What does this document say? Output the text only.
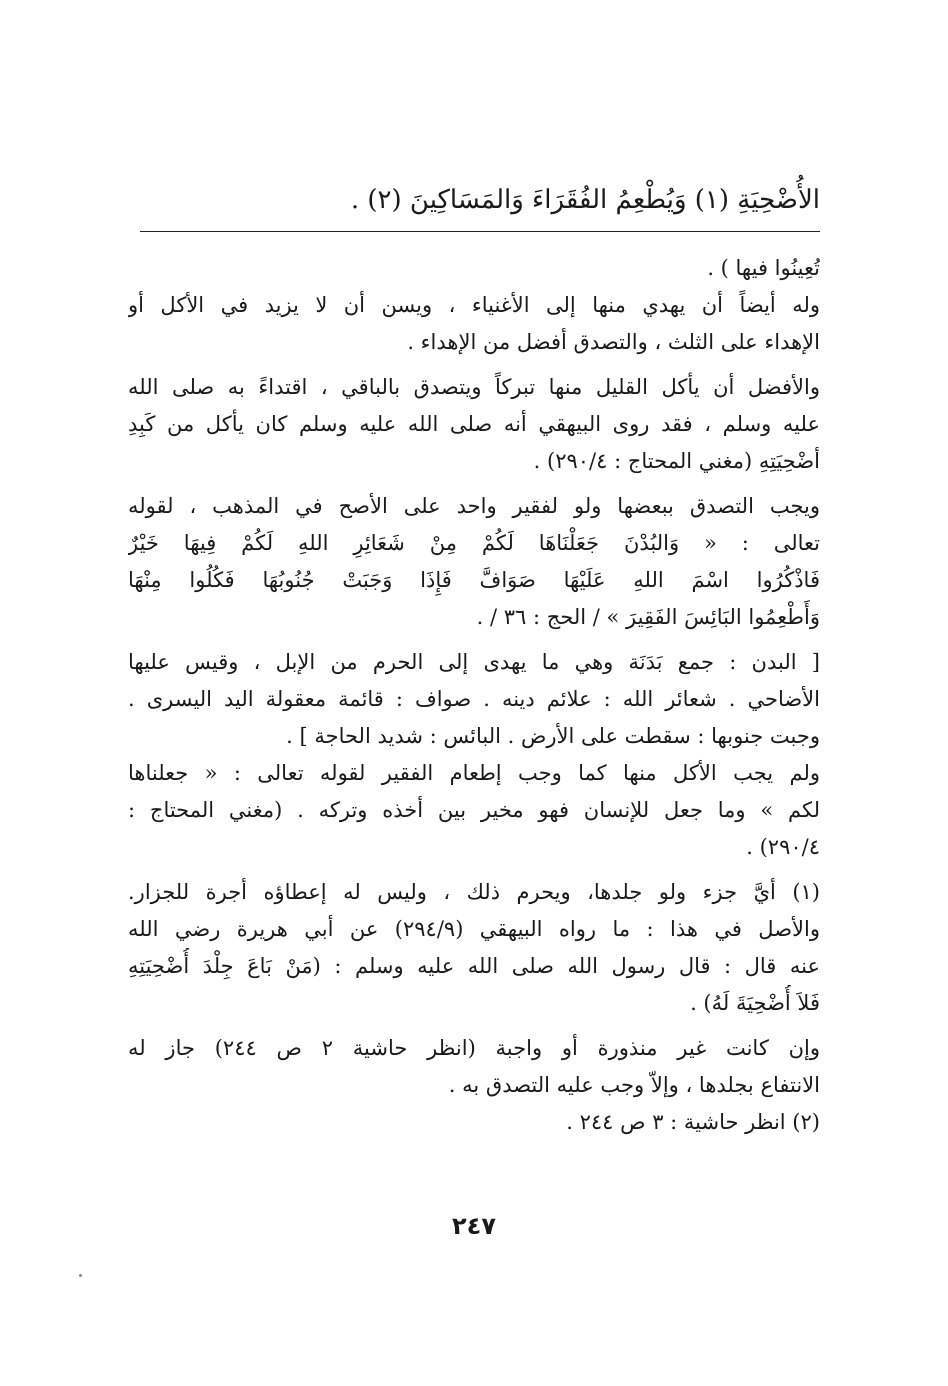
الأُضْحِيَةِ (١) وَيُطْعِمُ الفُقَرَاءَ وَالمَسَاكِينَ (٢) .
تُعِينُوا فيها ) .
وله أيضاً أن يهدي منها إلى الأغنياء ، ويسن أن لا يزيد في الأكل أو
الإهداء على الثلث ، والتصدق أفضل من الإهداء .
والأفضل أن يأكل القليل منها تبركاً ويتصدق بالباقي ، اقتداءً به صلى الله
عليه وسلم ، فقد روى البيهقي أنه صلى الله عليه وسلم كان يأكل من كَبِدِ
أضْحِيَتِهِ (مغني المحتاج : ٢٩٠/٤) .
ويجب التصدق ببعضها ولو لفقير واحد على الأصح في المذهب ، لقوله
تعالى : « وَالبُدْنَ جَعَلْنَاهَا لَكُمْ مِنْ شَعَائِرِ اللهِ لَكُمْ فِيهَا خَيْرٌ
فَاذْكُرُوا اسْمَ اللهِ عَلَيْهَا صَوَافَّ فَإِذَا وَجَبَتْ جُنُوبُهَا فَكُلُوا مِنْهَا
وَأَطْعِمُوا البَائِسَ الفَقِيرَ » / الحج : ٣٦ / .
[ البدن : جمع بَدَنَة وهي ما يهدى إلى الحرم من الإبل ، وقيس عليها
الأضاحي . شعائر الله : علائم دينه . صواف : قائمة معقولة اليد اليسرى .
وجبت جنوبها : سقطت على الأرض . البائس : شديد الحاجة ] .
ولم يجب الأكل منها كما وجب إطعام الفقير لقوله تعالى : « جعلناها
لكم » وما جعل للإنسان فهو مخير بين أخذه وتركه . (مغني المحتاج :
٢٩٠/٤) .
(١) أيَّ جزء ولو جلدها، ويحرم ذلك ، وليس له إعطاؤه أجرة للجزار.
والأصل في هذا : ما رواه البيهقي (٢٩٤/٩) عن أبي هريرة رضي الله
عنه قال : قال رسول الله صلى الله عليه وسلم : (مَنْ بَاعَ جِلْدَ أُضْحِيَتِهِ
فَلاَ أُضْحِيَةَ لَهُ) .
وإن كانت غير منذورة أو واجبة (انظر حاشية ٢ ص ٢٤٤) جاز له
الانتفاع بجلدها ، وإلاّ وجب عليه التصدق به .
(٢) انظر حاشية : ٣ ص ٢٤٤ .
٢٤٧
